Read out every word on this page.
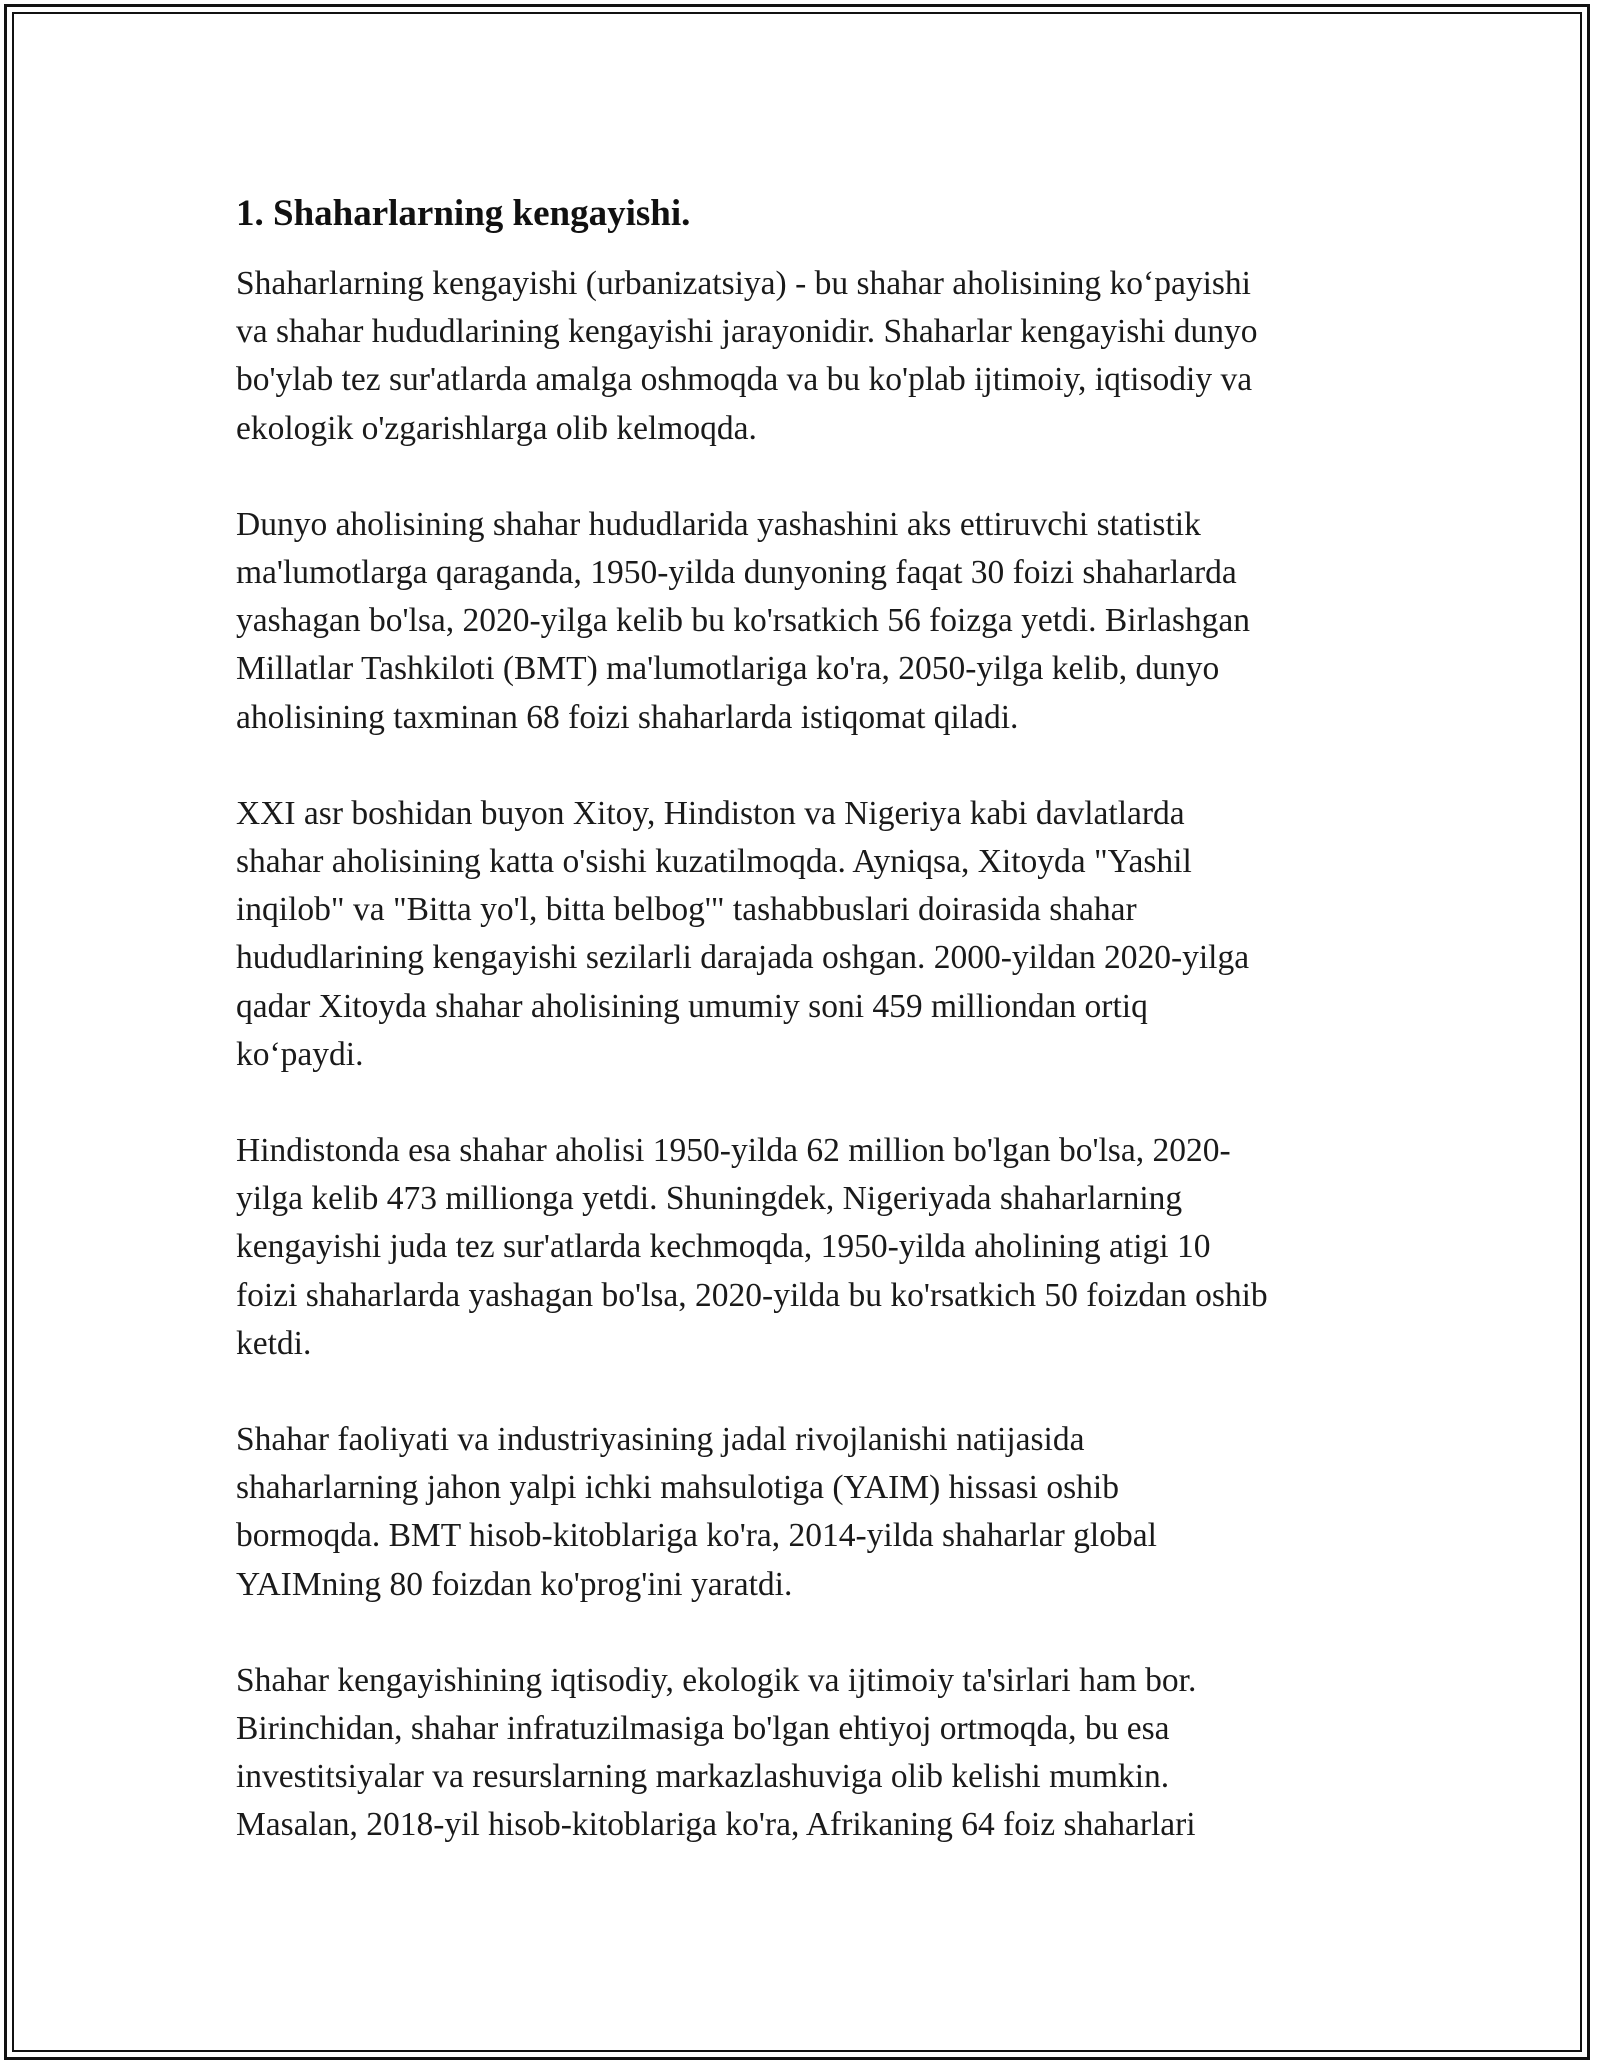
1. Shaharlarning kengayishi.
Shaharlarning kengayishi (urbanizatsiya) - bu shahar aholisining ko‘payishi
va shahar hududlarining kengayishi jarayonidir. Shaharlar kengayishi dunyo
bo'ylab tez sur'atlarda amalga oshmoqda va bu ko'plab ijtimoiy, iqtisodiy va
ekologik o'zgarishlarga olib kelmoqda.
Dunyo aholisining shahar hududlarida yashashini aks ettiruvchi statistik
ma'lumotlarga qaraganda, 1950-yilda dunyoning faqat 30 foizi shaharlarda
yashagan bo'lsa, 2020-yilga kelib bu ko'rsatkich 56 foizga yetdi. Birlashgan
Millatlar Tashkiloti (BMT) ma'lumotlariga ko'ra, 2050-yilga kelib, dunyo
aholisining taxminan 68 foizi shaharlarda istiqomat qiladi.
XXI asr boshidan buyon Xitoy, Hindiston va Nigeriya kabi davlatlarda
shahar aholisining katta o'sishi kuzatilmoqda. Ayniqsa, Xitoyda "Yashil
inqilob" va "Bitta yo'l, bitta belbog'" tashabbuslari doirasida shahar
hududlarining kengayishi sezilarli darajada oshgan. 2000-yildan 2020-yilga
qadar Xitoyda shahar aholisining umumiy soni 459 milliondan ortiq
ko‘paydi.
Hindistonda esa shahar aholisi 1950-yilda 62 million bo'lgan bo'lsa, 2020-
yilga kelib 473 millionga yetdi. Shuningdek, Nigeriyada shaharlarning
kengayishi juda tez sur'atlarda kechmoqda, 1950-yilda aholining atigi 10
foizi shaharlarda yashagan bo'lsa, 2020-yilda bu ko'rsatkich 50 foizdan oshib
ketdi.
Shahar faoliyati va industriyasining jadal rivojlanishi natijasida
shaharlarning jahon yalpi ichki mahsulotiga (YAIM) hissasi oshib
bormoqda. BMT hisob-kitoblariga ko'ra, 2014-yilda shaharlar global
YAIMning 80 foizdan ko'prog'ini yaratdi.
Shahar kengayishining iqtisodiy, ekologik va ijtimoiy ta'sirlari ham bor.
Birinchidan, shahar infratuzilmasiga bo'lgan ehtiyoj ortmoqda, bu esa
investitsiyalar va resurslarning markazlashuviga olib kelishi mumkin.
Masalan, 2018-yil hisob-kitoblariga ko'ra, Afrikaning 64 foiz shaharlari
